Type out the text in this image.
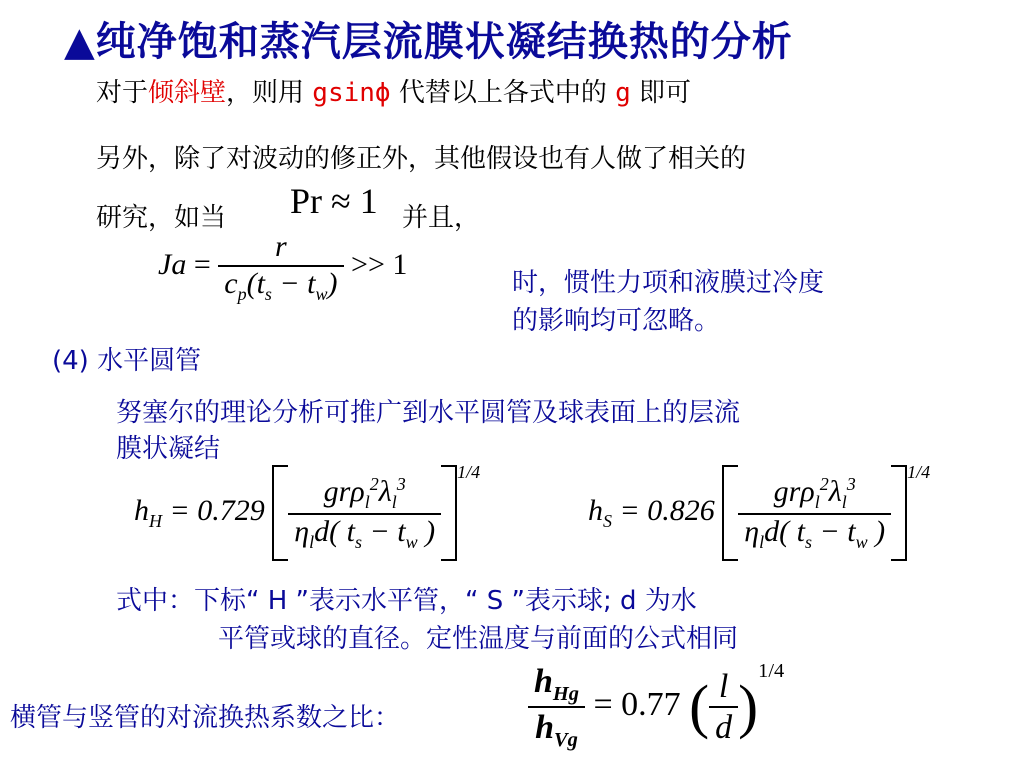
▲纯净饱和蒸汽层流膜状凝结换热的分析
对于倾斜壁，则用 gsinϕ 代替以上各式中的 g 即可
另外，除了对波动的修正外，其他假设也有人做了相关的
研究，如当 Pr ≈ 1 并且，
$Ja = \frac{r}{c_p(t_s - t_w)} >> 1$
时，惯性力项和液膜过冷度
的影响均可忽略。
(4) 水平圆管
努塞尔的理论分析可推广到水平圆管及球表面上的层流
膜状凝结
$h_H = 0.729 \frac{gr\rho_l^2\lambda_l^3}{\eta_ld( t_s - t_w )}$
$^{1/4}$
$h_S = 0.826 \frac{gr\rho_l^2\lambda_l^3}{\eta_ld( t_s - t_w )}$
$^{1/4}$
式中：下标“ H ”表示水平管，“ S ”表示球; d 为水
平管或球的直径。定性温度与前面的公式相同
横管与竖管的对流换热系数之比：	$\frac{h_{Hg}}{h_{Vg}} = 0.77$ ( $\frac{l}{d} )^{1/4}$
